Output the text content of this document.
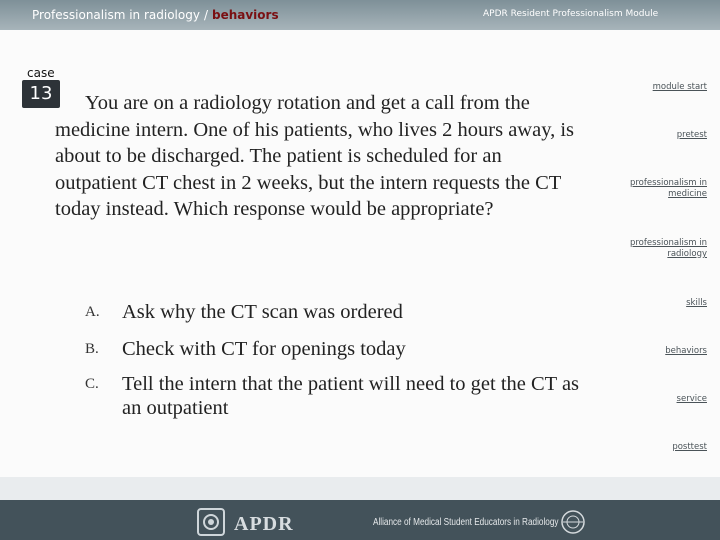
Professionalism in radiology / behaviors	APDR Resident Professionalism Module
case
13	You are on a radiology rotation and get a call from the medicine intern. One of his patients, who lives 2 hours away, is about to be discharged. The patient is scheduled for an outpatient CT chest in 2 weeks, but the intern requests the CT today instead. Which response would be appropriate?

A.	Ask why the CT scan was ordered
B.	Check with CT for openings today
C.	Tell the intern that the patient will need to get the CT as an outpatient
module start
pretest
professionalism in medicine
professionalism in radiology
skills
behaviors
service
posttest
APDR	Alliance of Medical Student Educators in Radiology
